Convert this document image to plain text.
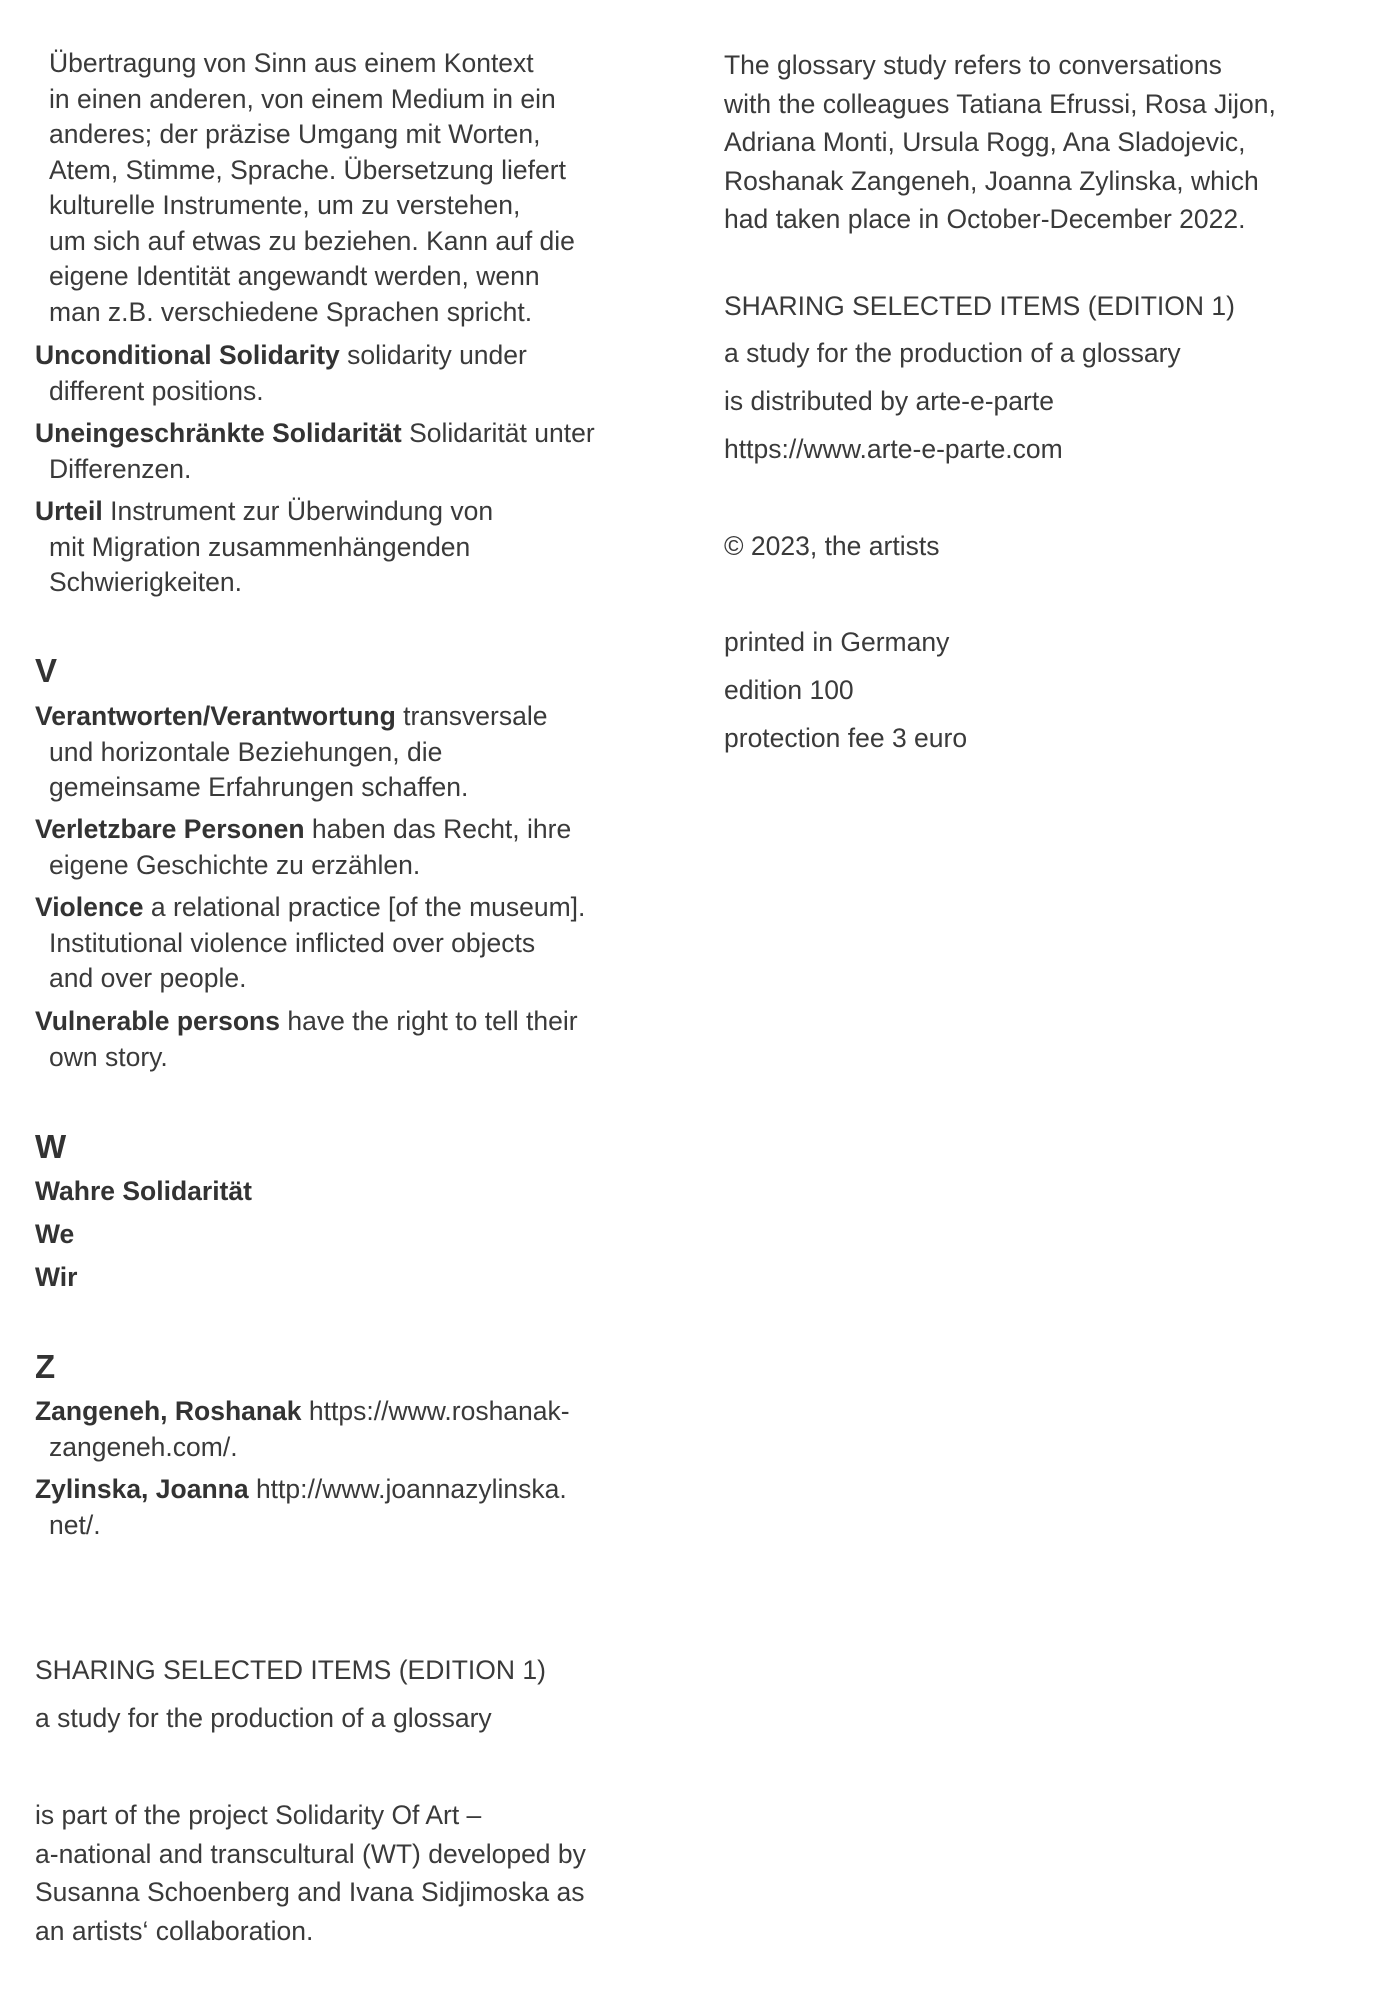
Übertragung von Sinn aus einem Kontext
in einen anderen, von einem Medium in ein
anderes; der präzise Umgang mit Worten,
Atem, Stimme, Sprache. Übersetzung liefert
kulturelle Instrumente, um zu verstehen,
um sich auf etwas zu beziehen. Kann auf die
eigene Identität angewandt werden, wenn
man z.B. verschiedene Sprachen spricht.
Unconditional Solidarity solidarity under
different positions.
Uneingeschränkte Solidarität Solidarität unter
Differenzen.
Urteil Instrument zur Überwindung von
mit Migration zusammenhängenden
Schwierigkeiten.
V
Verantworten/Verantwortung transversale
und horizontale Beziehungen, die
gemeinsame Erfahrungen schaffen.
Verletzbare Personen haben das Recht, ihre
eigene Geschichte zu erzählen.
Violence a relational practice [of the museum].
Institutional violence inflicted over objects
and over people.
Vulnerable persons have the right to tell their
own story.
W
Wahre Solidarität
We
Wir
Z
Zangeneh, Roshanak https://www.roshanak-
zangeneh.com/.
Zylinska, Joanna http://www.joannazylinska.
net/.
SHARING SELECTED ITEMS (EDITION 1)
a study for the production of a glossary
is part of the project Solidarity Of Art –
a-national and transcultural (WT) developed by
Susanna Schoenberg and Ivana Sidjimoska as
an artists‘ collaboration.
The glossary study refers to conversations
with the colleagues Tatiana Efrussi, Rosa Jijon,
Adriana Monti, Ursula Rogg, Ana Sladojevic,
Roshanak Zangeneh, Joanna Zylinska, which
had taken place in October-December 2022.
SHARING SELECTED ITEMS (EDITION 1)
a study for the production of a glossary
is distributed by arte-e-parte
https://www.arte-e-parte.com
© 2023, the artists
printed in Germany
edition 100
protection fee 3 euro
